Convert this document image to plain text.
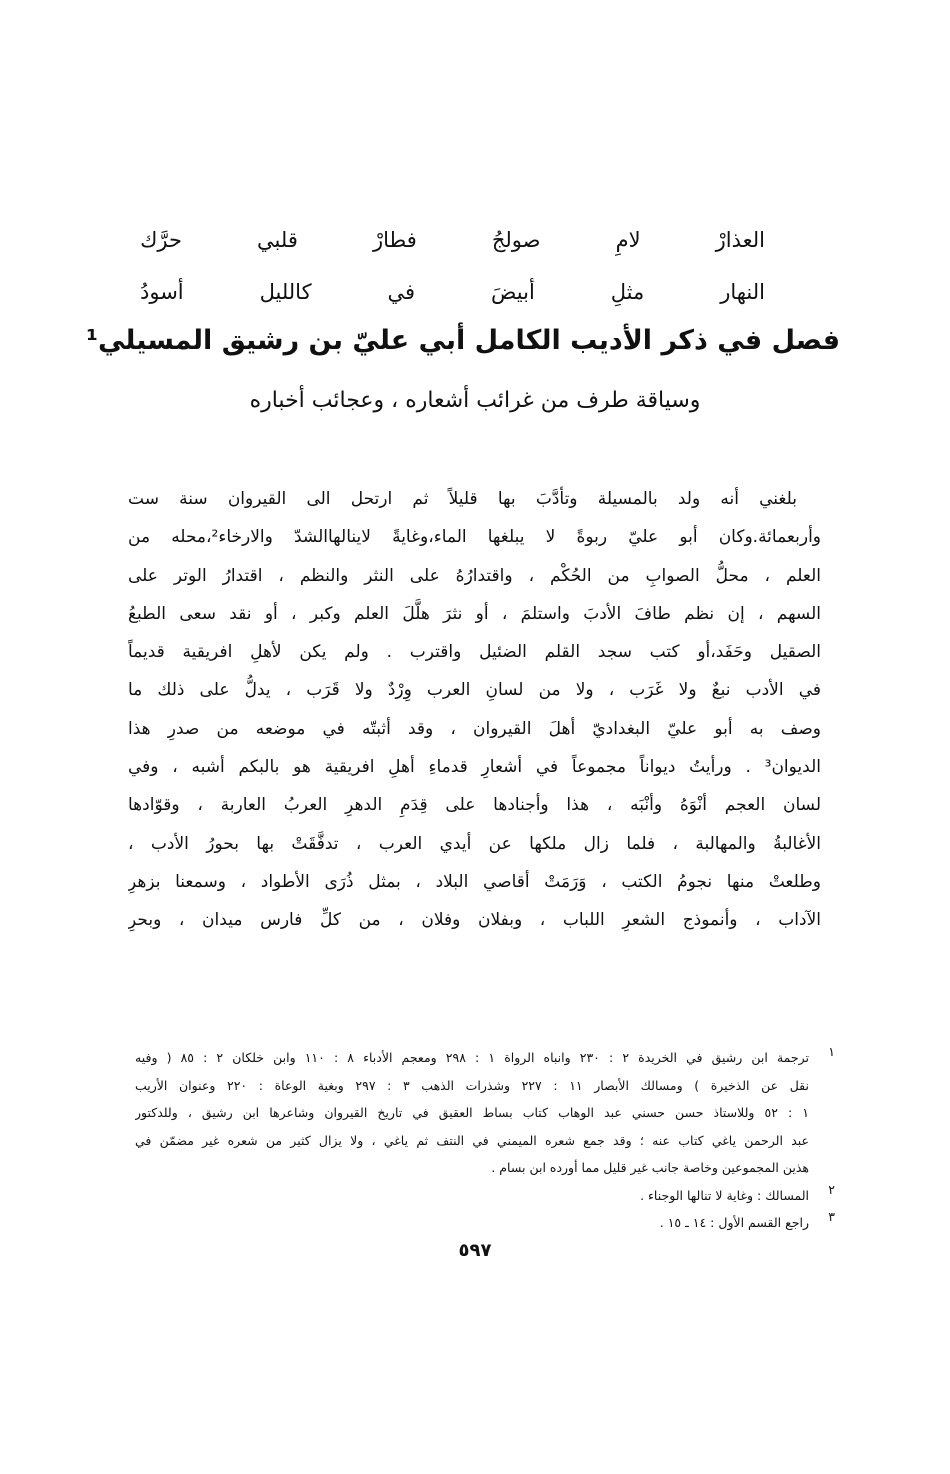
حرَّك	قلبي	فطارْ	صولجُ	لامِ	العذارْ
أسودُ	كالليل	في	أبيضَ	مثلِ	النهار
فصل في ذكر الأديب الكامل أبي عليّ بن رشيق المسيلي¹
وسياقة طرف من غرائب أشعاره ، وعجائب أخباره
بلغني أنه ولد بالمسيلة وتأدَّبَ بها قليلاً ثم ارتحل الى القيروان سنة ست
وأربعمائة.وكان أبو عليّ ربوةً لا يبلغها الماء،وغايةً لاينالهاالشدّ والارخاء²،محله من
العلم ، محلُّ الصوابِ من الحُكْم ، واقتدارُهُ على النثر والنظم ، اقتدارُ الوتر على
السهم ، إن نظم طافَ الأدبَ واستلمَ ، أو نثرَ هلَّلَ العلم وكبر ، أو نقد سعى الطبعُ
الصقيل وحَفَد،أو كتب سجد القلم الضئيل واقترب . ولم يكن لأهلِ افريقية قديماً
في الأدب نبعٌ ولا غَرَب ، ولا من لسانِ العرب وِرْدٌ ولا قَرَب ، يدلُّ على ذلك ما
وصف به أبو عليّ البغداديّ أهلَ القيروان ، وقد أثبتّه في موضعه من صدرِ هذا
الديوان³ . ورأيتُ ديواناً مجموعاً في أشعارِ قدماءِ أهلِ افريقية هو بالبكم أشبه ، وفي
لسان العجم أنْوَهُ وأنْبَه ، هذا وأجنادها على قِدَمِ الدهرِ العربُ العاربة ، وقوّادها
الأغالبةُ والمهالبة ، فلما زال ملكها عن أيدي العرب ، تدفَّقَتْ بها بحورُ الأدب ،
وطلعتْ منها نجومُ الكتب ، وَرَمَتْ أقاصي البلاد ، بمثل ذُرَى الأطواد ، وسمعنا بزهرِ
الآداب ، وأنموذج الشعرِ اللباب ، وبفلان وفلان ، من كلِّ فارس ميدان ، وبحرِ
١
ترجمة ابن رشيق في الخريدة ٢ : ٢٣٠ وانباه الرواة ١ : ٢٩٨ ومعجم الأدباء ٨ : ١١٠ وابن خلكان ٢ : ٨٥ ( وفيه
نقل عن الذخيرة ) ومسالك الأبصار ١١ : ٢٢٧ وشذرات الذهب ٣ : ٢٩٧ وبغية الوعاة : ٢٢٠ وعنوان الأريب
١ : ٥٢ وللاستاذ حسن حسني عبد الوهاب كتاب بساط العقيق في تاريخ القيروان وشاعرها ابن رشيق ، وللدكتور
عبد الرحمن ياغي كتاب عنه ؛ وقد جمع شعره الميمني في النتف ثم ياغي ، ولا يزال كثير من شعره غير مضمّن في
هذين المجموعين وخاصة جانب غير قليل مما أورده ابن بسام .
٢
المسالك : وغاية لا تنالها الوجناء .
٣
راجع القسم الأول : ١٤ ـ ١٥ .
٥٩٧
